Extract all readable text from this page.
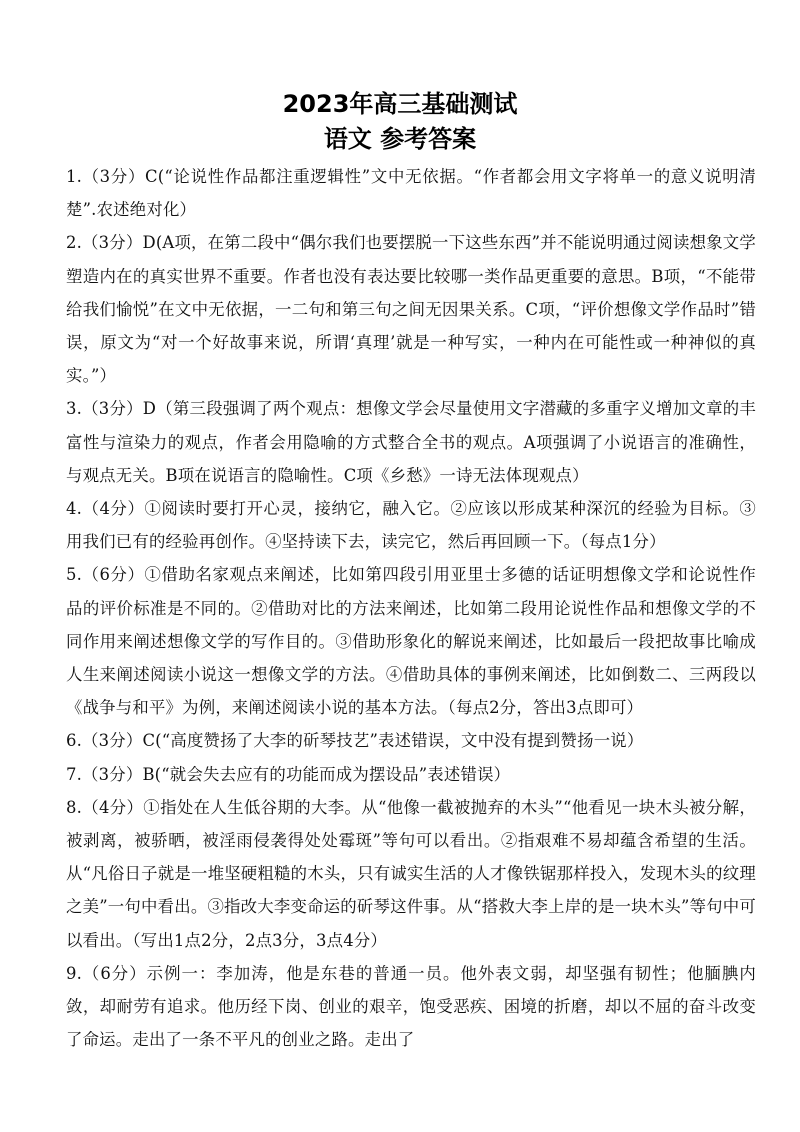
2023年高三基础测试
语文 参考答案

1.（3分）C(“论说性作品都注重逻辑性”文中无依据。“作者都会用文字将单一的意义说明清楚”.农述绝对化）

2.（3分）D(A项，在第二段中“偶尔我们也要摆脱一下这些东西”并不能说明通过阅读想象文学塑造内在的真实世界不重要。作者也没有表达要比较哪一类作品更重要的意思。B项，“不能带给我们愉悦”在文中无依据，一二句和第三句之间无因果关系。C项，“评价想像文学作品时”错误，原文为“对一个好故事来说，所谓‘真理’就是一种写实，一种内在可能性或一种神似的真实。”）

3.（3分）D（第三段强调了两个观点：想像文学会尽量使用文字潜藏的多重字义增加文章的丰富性与渲染力的观点，作者会用隐喻的方式整合全书的观点。A项强调了小说语言的准确性，与观点无关。B项在说语言的隐喻性。C项《乡愁》一诗无法体现观点）

4.（4分）①阅读时要打开心灵，接纳它，融入它。②应该以形成某种深沉的经验为目标。③用我们已有的经验再创作。④坚持读下去，读完它，然后再回顾一下。（每点1分）

5.（6分）①借助名家观点来阐述，比如第四段引用亚里士多德的话证明想像文学和论说性作品的评价标准是不同的。②借助对比的方法来阐述，比如第二段用论说性作品和想像文学的不同作用来阐述想像文学的写作目的。③借助形象化的解说来阐述，比如最后一段把故事比喻成人生来阐述阅读小说这一想像文学的方法。④借助具体的事例来阐述，比如倒数二、三两段以《战争与和平》为例，来阐述阅读小说的基本方法。（每点2分，答出3点即可）

6.（3分）C(“高度赞扬了大李的斫琴技艺”表述错误，文中没有提到赞扬一说）

7.（3分）B(“就会失去应有的功能而成为摆设品”表述错误）

8.（4分）①指处在人生低谷期的大李。从“他像一截被抛弃的木头”“他看见一块木头被分解，被剥离，被骄晒，被淫雨侵袭得处处霉斑”等句可以看出。②指艰难不易却蕴含希望的生活。从“凡俗日子就是一堆坚硬粗糙的木头，只有诚实生活的人才像铁锯那样投入，发现木头的纹理之美”一句中看出。③指改大李变命运的斫琴这件事。从“搭救大李上岸的是一块木头”等句中可以看出。（写出1点2分，2点3分，3点4分）

9.（6分）示例一：李加涛，他是东巷的普通一员。他外表文弱，却坚强有韧性；他腼腆内敛，却耐劳有追求。他历经下岗、创业的艰辛，饱受恶疾、困境的折磨，却以不屈的奋斗改变了命运。走出了一条不平凡的创业之路。走出了
